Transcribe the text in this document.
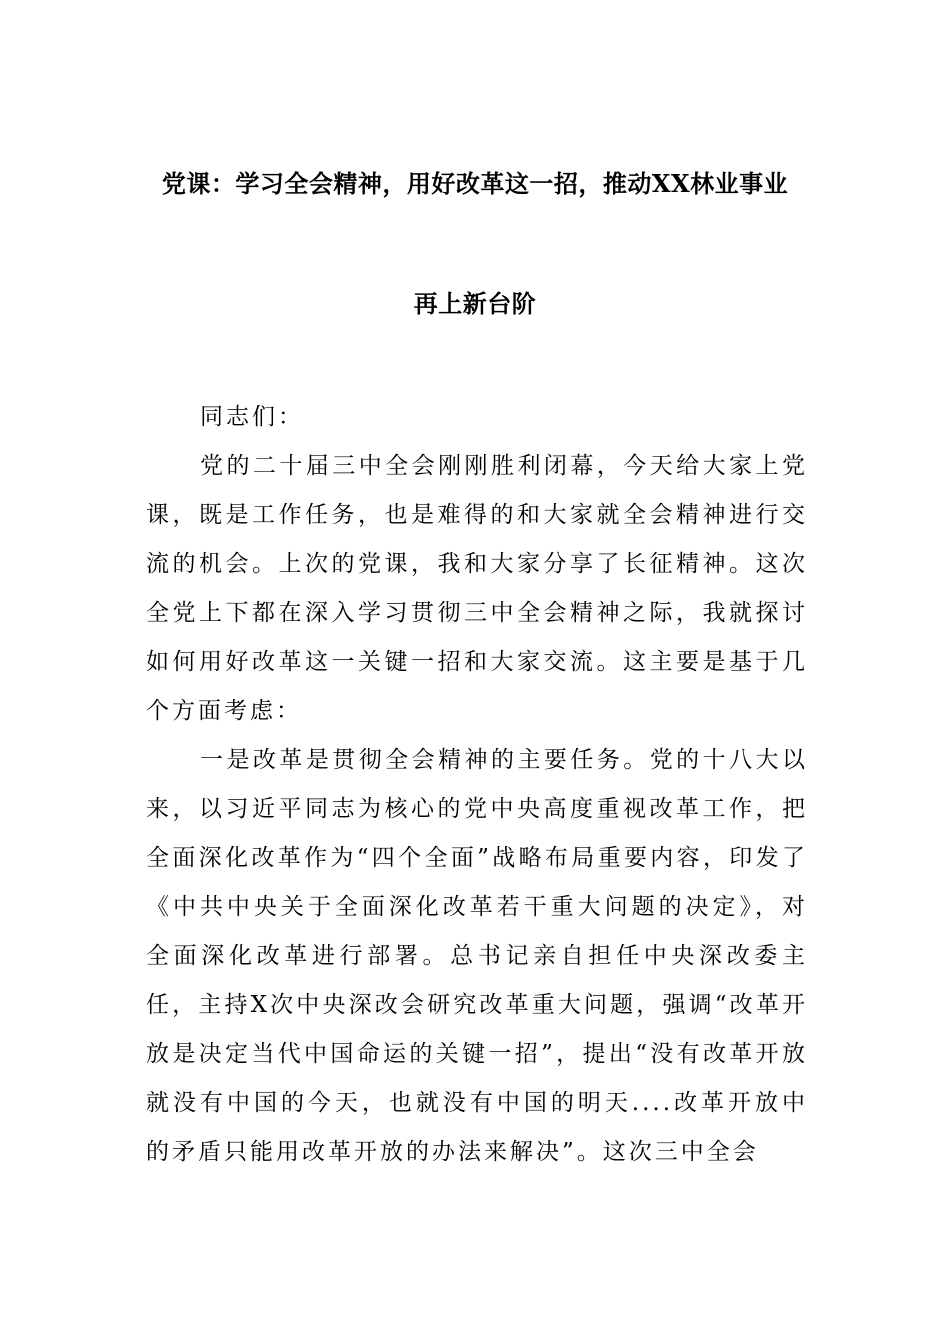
党课：学习全会精神，用好改革这一招，推动XX林业事业
再上新台阶

同志们：

党的二十届三中全会刚刚胜利闭幕，今天给大家上党课，既是工作任务，也是难得的和大家就全会精神进行交流的机会。上次的党课，我和大家分享了长征精神。这次全党上下都在深入学习贯彻三中全会精神之际，我就探讨如何用好改革这一关键一招和大家交流。这主要是基于几个方面考虑：

一是改革是贯彻全会精神的主要任务。党的十八大以来，以习近平同志为核心的党中央高度重视改革工作，把全面深化改革作为“四个全面”战略布局重要内容，印发了《中共中央关于全面深化改革若干重大问题的决定》，对全面深化改革进行部署。总书记亲自担任中央深改委主任，主持X次中央深改会研究改革重大问题，强调“改革开放是决定当代中国命运的关键一招”，提出“没有改革开放就没有中国的今天，也就没有中国的明天....改革开放中的矛盾只能用改革开放的办法来解决”。这次三中全会
